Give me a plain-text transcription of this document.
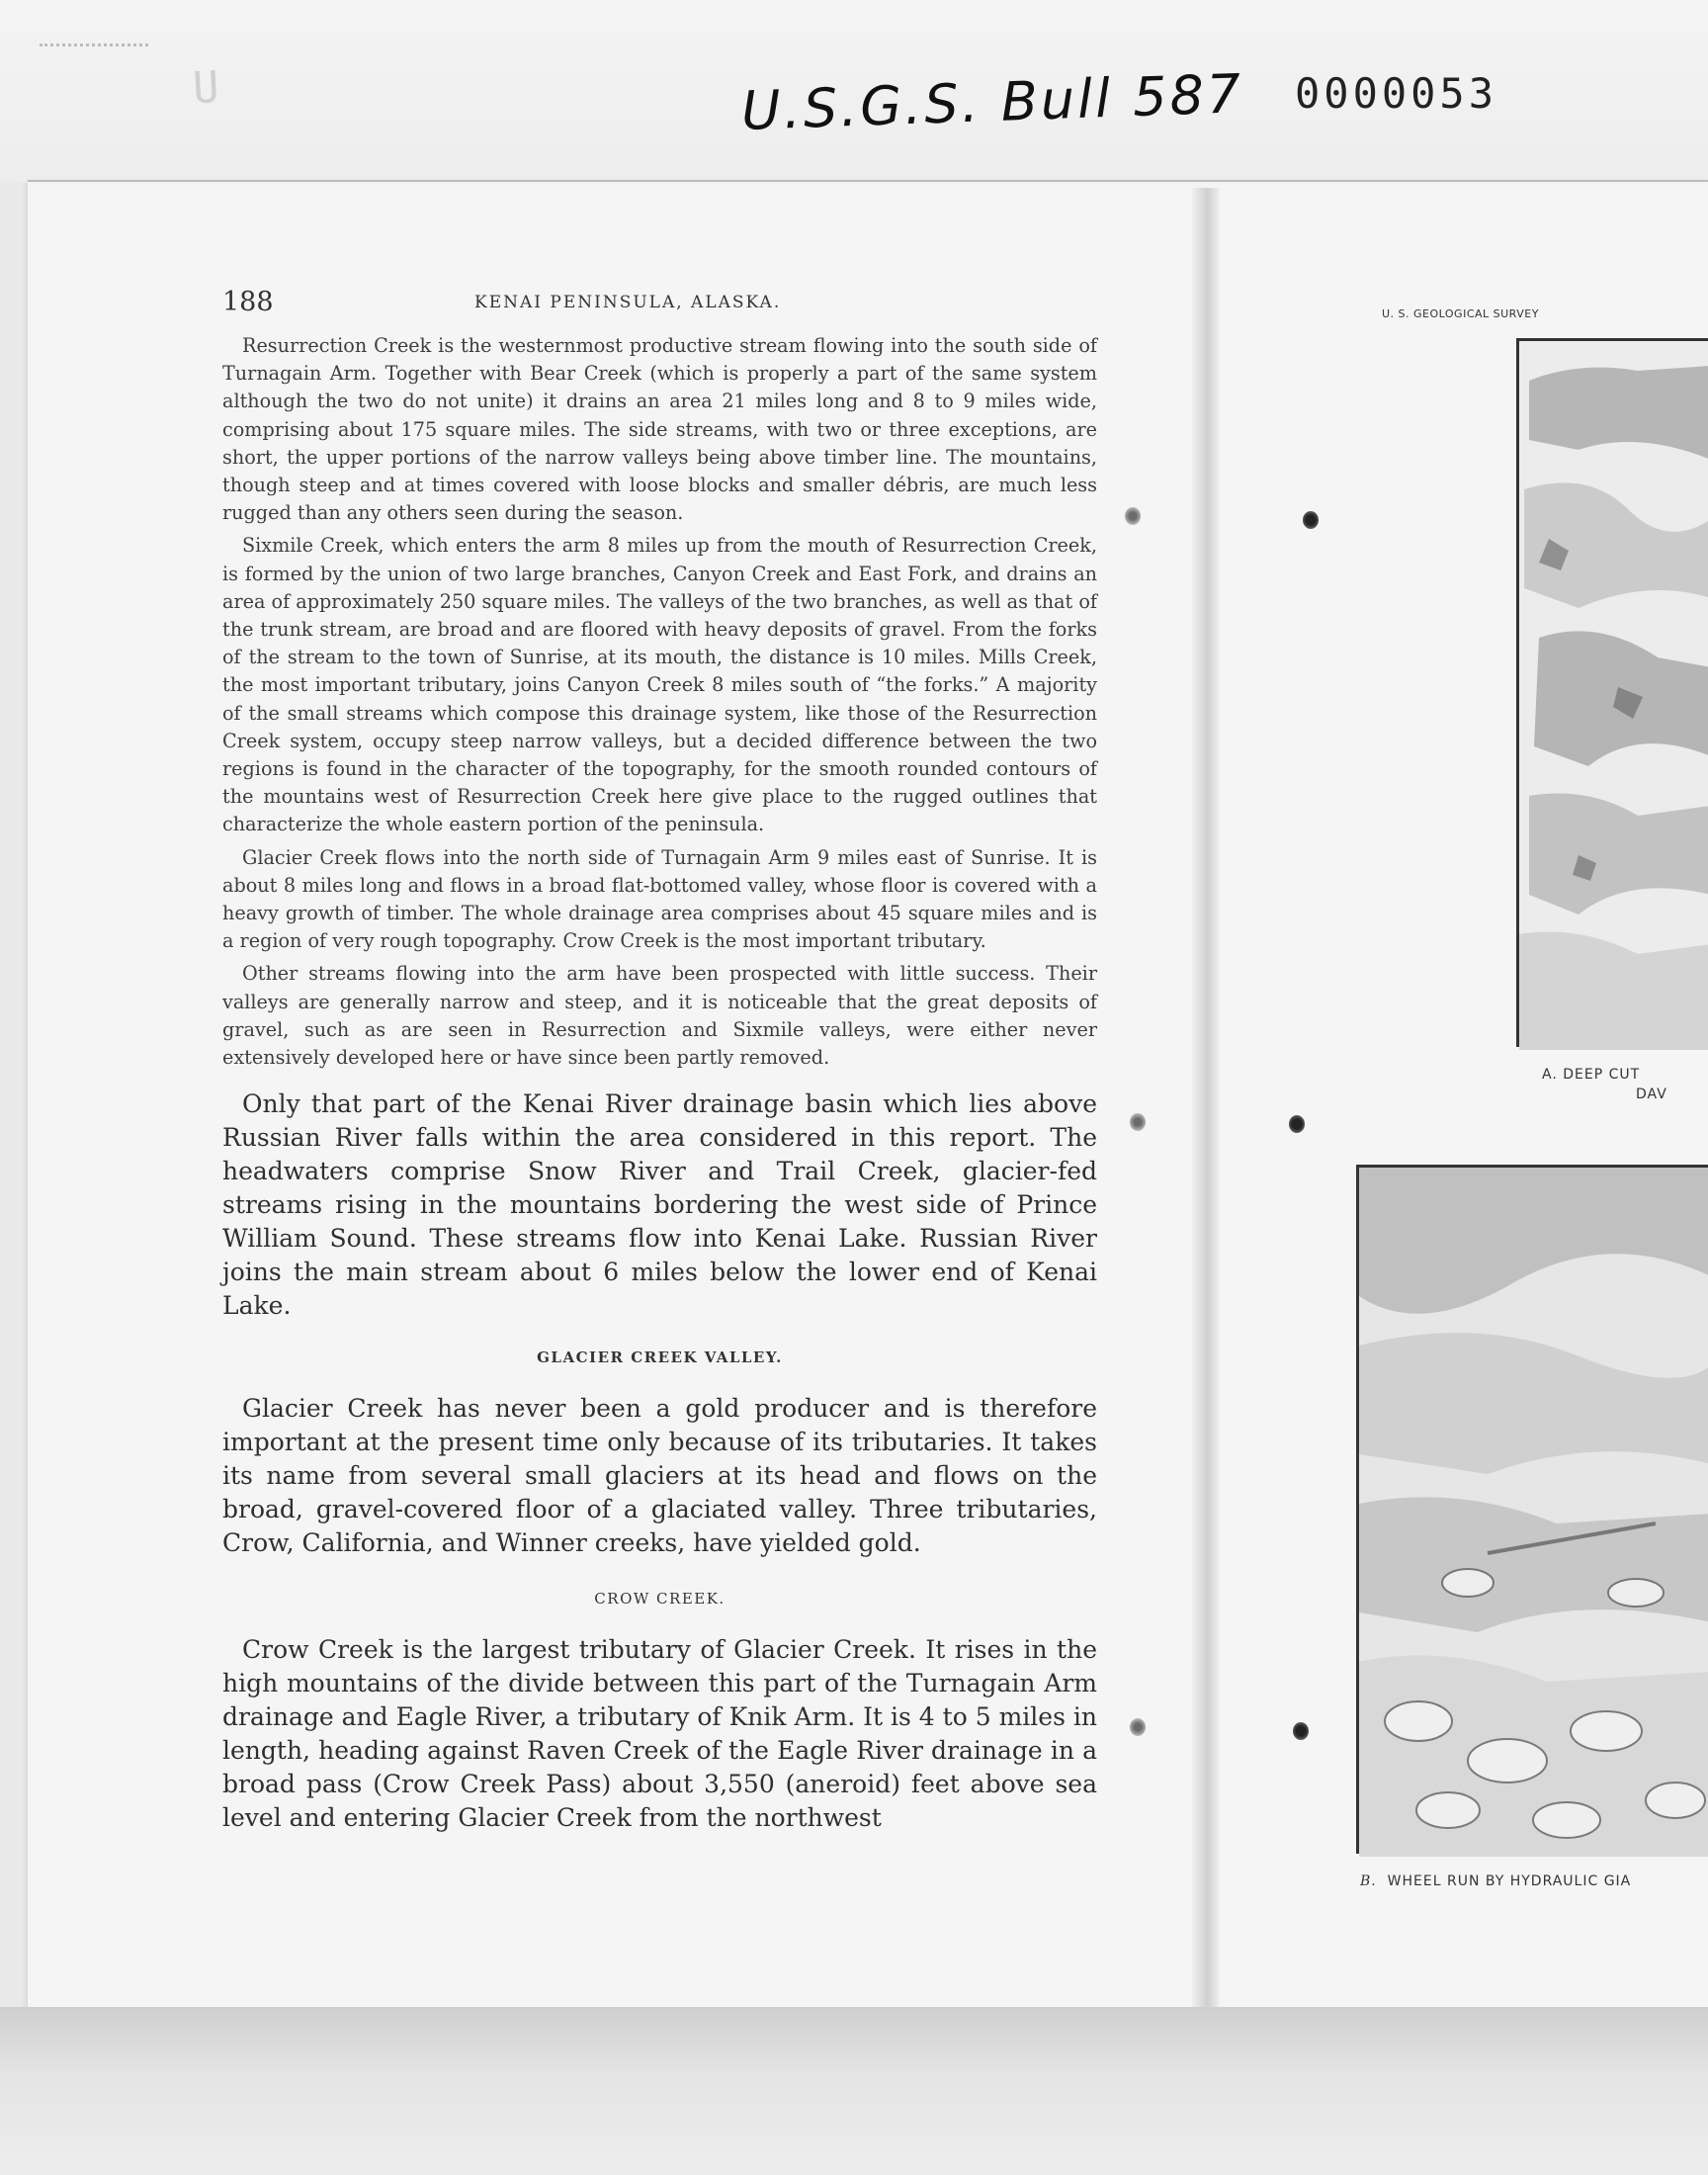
U    	U.S.G.S. Bull 587 0000053
188	KENAI PENINSULA, ALASKA.

Resurrection Creek is the westernmost productive stream flowing into the south side of Turnagain Arm. Together with Bear Creek (which is properly a part of the same system although the two do not unite) it drains an area 21 miles long and 8 to 9 miles wide, comprising about 175 square miles. The side streams, with two or three exceptions, are short, the upper portions of the narrow valleys being above timber line. The mountains, though steep and at times covered with loose blocks and smaller débris, are much less rugged than any others seen during the season.

Sixmile Creek, which enters the arm 8 miles up from the mouth of Resurrection Creek, is formed by the union of two large branches, Canyon Creek and East Fork, and drains an area of approximately 250 square miles. The valleys of the two branches, as well as that of the trunk stream, are broad and are floored with heavy deposits of gravel. From the forks of the stream to the town of Sunrise, at its mouth, the distance is 10 miles. Mills Creek, the most important tributary, joins Canyon Creek 8 miles south of “the forks.” A majority of the small streams which compose this drainage system, like those of the Resurrection Creek system, occupy steep narrow valleys, but a decided difference between the two regions is found in the character of the topography, for the smooth rounded contours of the mountains west of Resurrection Creek here give place to the rugged outlines that characterize the whole eastern portion of the peninsula.

Glacier Creek flows into the north side of Turnagain Arm 9 miles east of Sunrise. It is about 8 miles long and flows in a broad flat-bottomed valley, whose floor is covered with a heavy growth of timber. The whole drainage area comprises about 45 square miles and is a region of very rough topography. Crow Creek is the most important tributary.

Other streams flowing into the arm have been prospected with little success. Their valleys are generally narrow and steep, and it is noticeable that the great deposits of gravel, such as are seen in Resurrection and Sixmile valleys, were either never extensively developed here or have since been partly removed.

Only that part of the Kenai River drainage basin which lies above Russian River falls within the area considered in this report. The headwaters comprise Snow River and Trail Creek, glacier-fed streams rising in the mountains bordering the west side of Prince William Sound. These streams flow into Kenai Lake. Russian River joins the main stream about 6 miles below the lower end of Kenai Lake.

GLACIER CREEK VALLEY.

Glacier Creek has never been a gold producer and is therefore important at the present time only because of its tributaries. It takes its name from several small glaciers at its head and flows on the broad, gravel-covered floor of a glaciated valley. Three tributaries, Crow, California, and Winner creeks, have yielded gold.

CROW CREEK.

Crow Creek is the largest tributary of Glacier Creek. It rises in the high mountains of the divide between this part of the Turnagain Arm drainage and Eagle River, a tributary of Knik Arm. It is 4 to 5 miles in length, heading against Raven Creek of the Eagle River drainage in a broad pass (Crow Creek Pass) about 3,550 (aneroid) feet above sea level and entering Glacier Creek from the northwest

U. S. GEOLOGICAL SURVEY
A. DEEP CUT
DAV
B. WHEEL RUN BY HYDRAULIC GIA
